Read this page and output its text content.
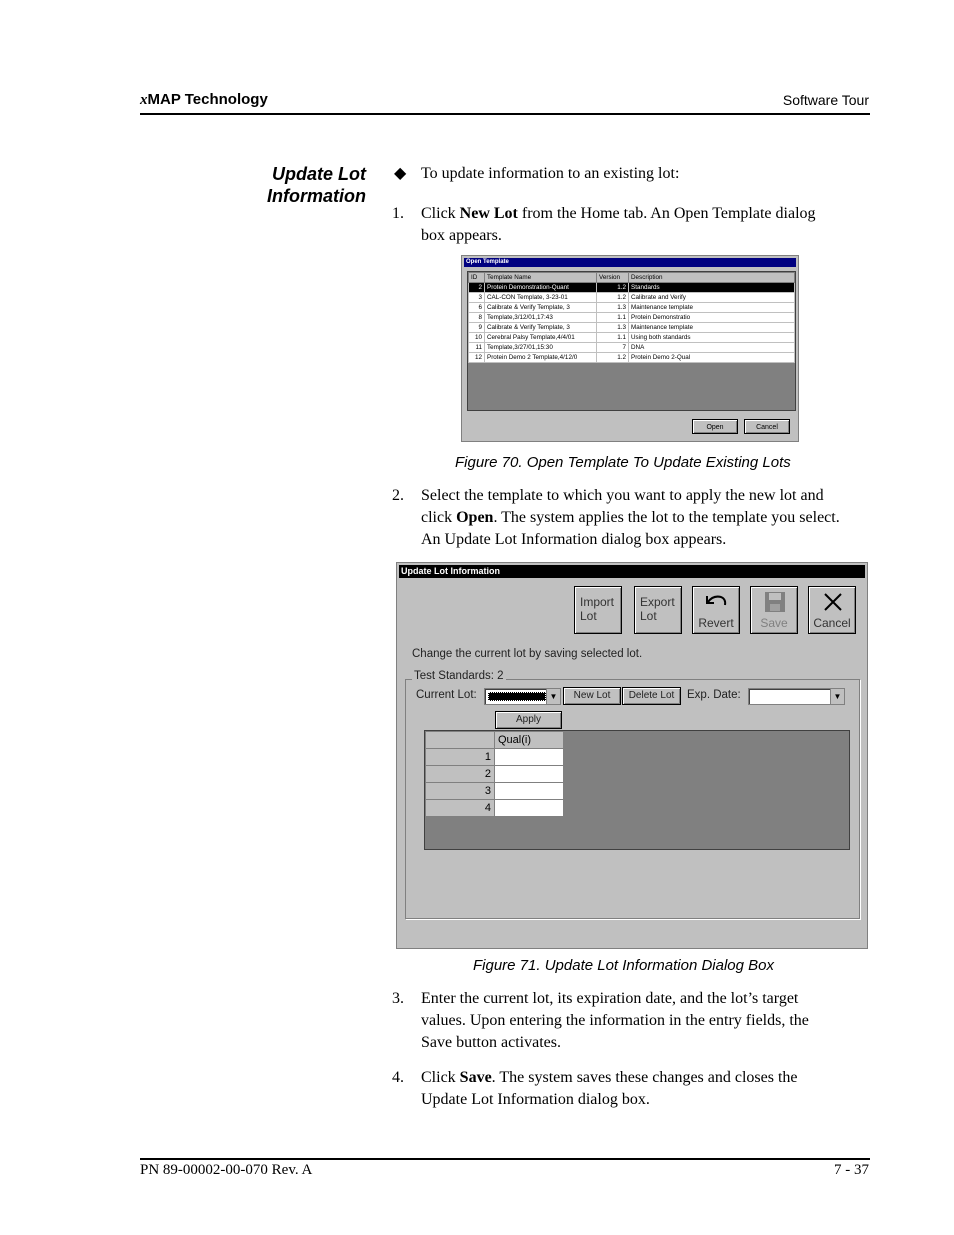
xMAP Technology	Software Tour
Update Lot
Information
◆ To update information to an existing lot:
1. Click New Lot from the Home tab. An Open Template dialog
box appears.
Open Template
ID	Template Name	Version	Description
2	Protein Demonstration-Quant	1.2	Standards
3	CAL-CON Template, 3-23-01	1.2	Calibrate and Verify
6	Calibrate & Verify Template, 3	1.3	Maintenance template
8	Template,3/12/01,17:43	1.1	Protein Demonstratio
9	Calibrate & Verify Template, 3	1.3	Maintenance template
10	Cerebral Palsy Template,4/4/01	1.1	Using both standards
11	Template,3/27/01,15:30	7	DNA
12	Protein Demo 2 Template,4/12/0	1.2	Protein Demo 2-Qual
Open	Cancel
Figure 70. Open Template To Update Existing Lots
2. Select the template to which you want to apply the new lot and
click Open. The system applies the lot to the template you select.
An Update Lot Information dialog box appears.
Update Lot Information
Import
Lot
Export
Lot	Revert	Save	Cancel
Change the current lot by saving selected lot.
Test Standards: 2
Current Lot:	▼	New Lot	Delete Lot	Exp. Date:	▼
Apply
	Qual(i)
1	
2	
3	
4	
Figure 71. Update Lot Information Dialog Box
3. Enter the current lot, its expiration date, and the lot’s target
values. Upon entering the information in the entry fields, the
Save button activates.
4. Click Save. The system saves these changes and closes the
Update Lot Information dialog box.
PN 89-00002-00-070 Rev. A	7 - 37
